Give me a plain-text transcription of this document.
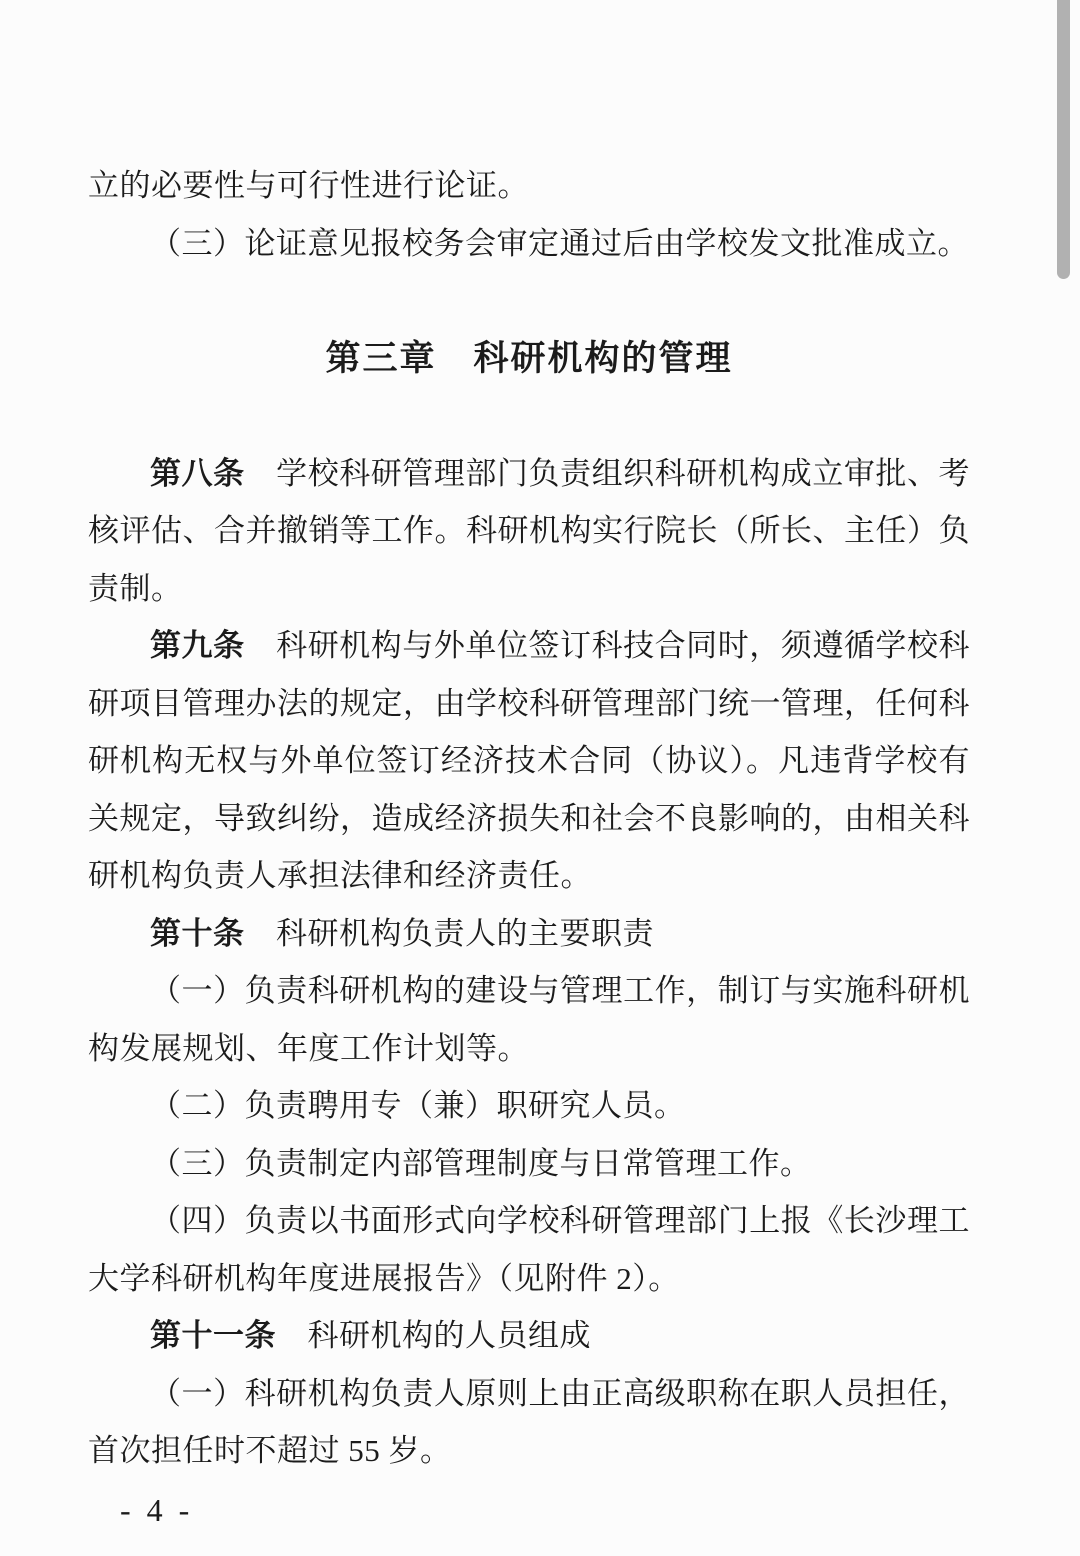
立的必要性与可行性进行论证。
（三）论证意见报校务会审定通过后由学校发文批准成立。
第三章　科研机构的管理
第八条　学校科研管理部门负责组织科研机构成立审批、考
核评估、合并撤销等工作。科研机构实行院长（所长、主任）负
责制。
第九条　科研机构与外单位签订科技合同时，须遵循学校科
研项目管理办法的规定，由学校科研管理部门统一管理，任何科
研机构无权与外单位签订经济技术合同（协议）。凡违背学校有
关规定，导致纠纷，造成经济损失和社会不良影响的，由相关科
研机构负责人承担法律和经济责任。
第十条　科研机构负责人的主要职责
（一）负责科研机构的建设与管理工作，制订与实施科研机
构发展规划、年度工作计划等。
（二）负责聘用专（兼）职研究人员。
（三）负责制定内部管理制度与日常管理工作。
（四）负责以书面形式向学校科研管理部门上报《长沙理工
大学科研机构年度进展报告》（见附件 2）。
第十一条　科研机构的人员组成
（一）科研机构负责人原则上由正高级职称在职人员担任，
首次担任时不超过 55 岁。
- 4 -
